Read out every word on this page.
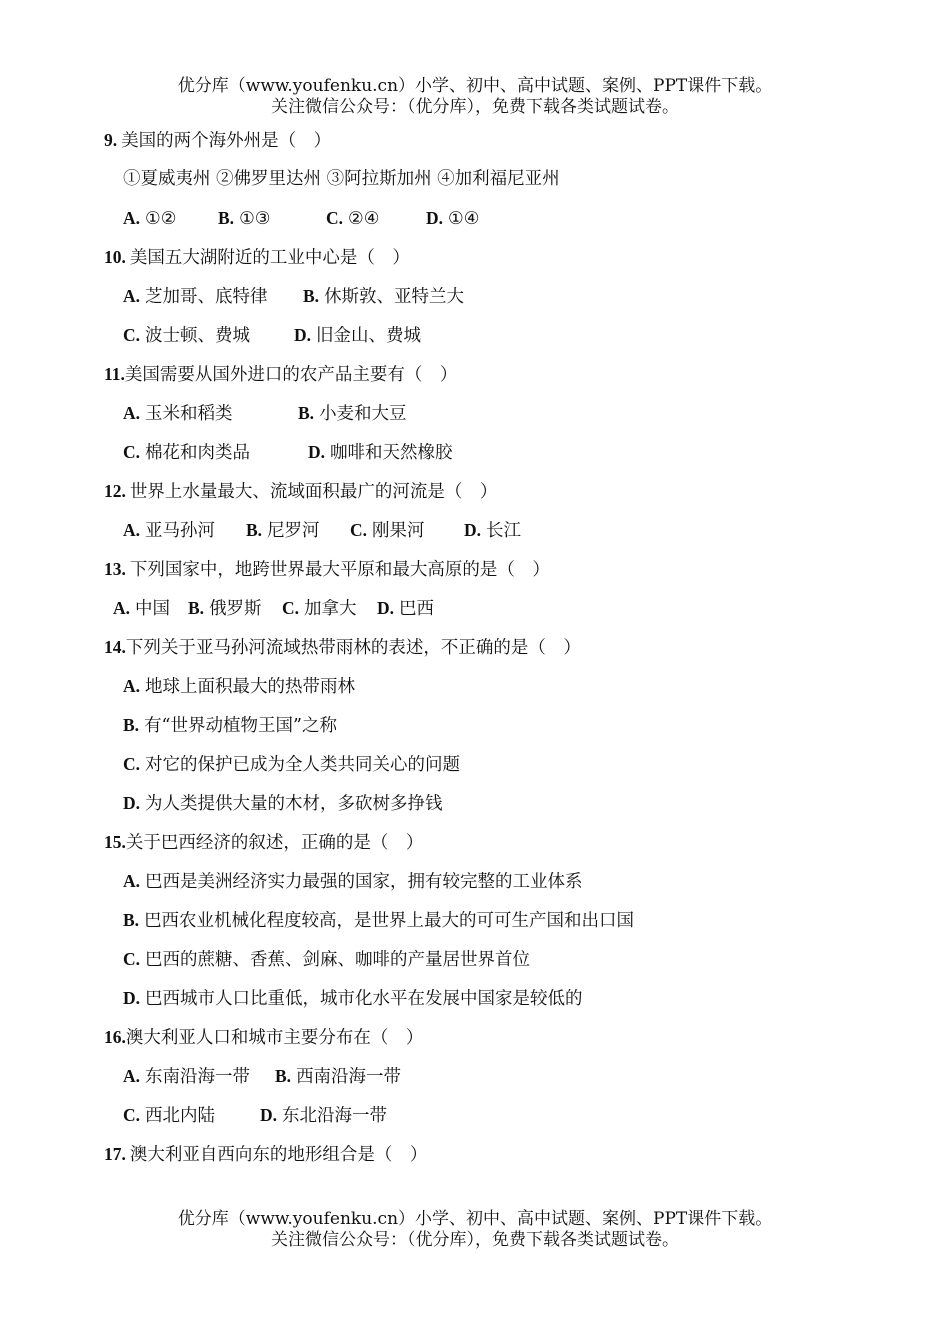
优分库（www.youfenku.cn）小学、初中、高中试题、案例、PPT课件下载。
关注微信公众号：（优分库），免费下载各类试题试卷。
9. 美国的两个海外州是（　）
①夏威夷州 ②佛罗里达州 ③阿拉斯加州 ④加利福尼亚州
A. ①② B. ①③	C. ②④	D. ①④
10. 美国五大湖附近的工业中心是（　）
A. 芝加哥、底特律 B. 休斯敦、亚特兰大
C. 波士顿、费城	D. 旧金山、费城
11.美国需要从国外进口的农产品主要有（　）
A. 玉米和稻类	B. 小麦和大豆
C. 棉花和肉类品	D. 咖啡和天然橡胶
12. 世界上水量最大、流域面积最广的河流是（　）
A. 亚马孙河 B. 尼罗河 C. 刚果河 D. 长江
13. 下列国家中，地跨世界最大平原和最大高原的是（　）
A. 中国 B. 俄罗斯 C. 加拿大 D. 巴西
14.下列关于亚马孙河流域热带雨林的表述，不正确的是（　）
A. 地球上面积最大的热带雨林
B. 有“世界动植物王国”之称
C. 对它的保护已成为全人类共同关心的问题
D. 为人类提供大量的木材，多砍树多挣钱
15.关于巴西经济的叙述，正确的是（　）
A. 巴西是美洲经济实力最强的国家，拥有较完整的工业体系
B. 巴西农业机械化程度较高，是世界上最大的可可生产国和出口国
C. 巴西的蔗糖、香蕉、剑麻、咖啡的产量居世界首位
D. 巴西城市人口比重低，城市化水平在发展中国家是较低的
16.澳大利亚人口和城市主要分布在（　）
A. 东南沿海一带 B. 西南沿海一带
C. 西北内陆	D. 东北沿海一带
17. 澳大利亚自西向东的地形组合是（　）
优分库（www.youfenku.cn）小学、初中、高中试题、案例、PPT课件下载。
关注微信公众号：（优分库），免费下载各类试题试卷。
